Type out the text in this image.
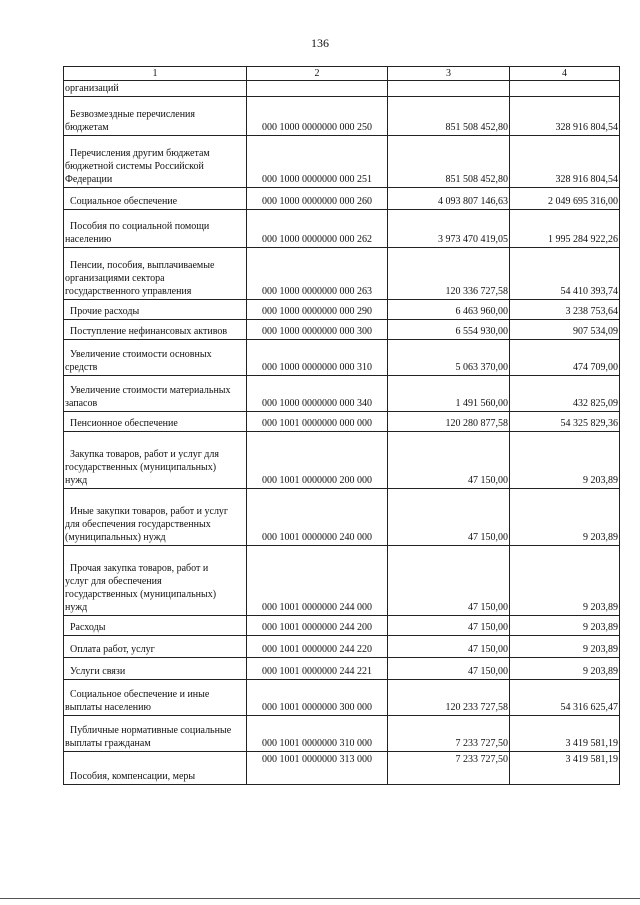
136
1	2	3	4
организаций			
Безвозмездные перечисления
бюджетам	000 1000 0000000 000 250	851 508 452,80	328 916 804,54
Перечисления другим бюджетам
бюджетной системы Российской
Федерации	000 1000 0000000 000 251	851 508 452,80	328 916 804,54
Социальное обеспечение	000 1000 0000000 000 260	4 093 807 146,63	2 049 695 316,00
Пособия по социальной помощи
населению	000 1000 0000000 000 262	3 973 470 419,05	1 995 284 922,26
Пенсии, пособия, выплачиваемые
организациями сектора
государственного управления	000 1000 0000000 000 263	120 336 727,58	54 410 393,74
Прочие расходы	000 1000 0000000 000 290	6 463 960,00	3 238 753,64
Поступление нефинансовых активов	000 1000 0000000 000 300	6 554 930,00	907 534,09
Увеличение стоимости основных
средств	000 1000 0000000 000 310	5 063 370,00	474 709,00
Увеличение стоимости материальных
запасов	000 1000 0000000 000 340	1 491 560,00	432 825,09
Пенсионное обеспечение	000 1001 0000000 000 000	120 280 877,58	54 325 829,36
Закупка товаров, работ и услуг для
государственных (муниципальных)
нужд	000 1001 0000000 200 000	47 150,00	9 203,89
Иные закупки товаров, работ и услуг
для обеспечения государственных
(муниципальных) нужд	000 1001 0000000 240 000	47 150,00	9 203,89
Прочая закупка товаров, работ и
услуг для обеспечения
государственных (муниципальных)
нужд	000 1001 0000000 244 000	47 150,00	9 203,89
Расходы	000 1001 0000000 244 200	47 150,00	9 203,89
Оплата работ, услуг	000 1001 0000000 244 220	47 150,00	9 203,89
Услуги связи	000 1001 0000000 244 221	47 150,00	9 203,89
Социальное обеспечение и иные
выплаты населению	000 1001 0000000 300 000	120 233 727,58	54 316 625,47
Публичные нормативные социальные
выплаты гражданам	000 1001 0000000 310 000	7 233 727,50	3 419 581,19
Пособия, компенсации, меры	000 1001 0000000 313 000	7 233 727,50	3 419 581,19
